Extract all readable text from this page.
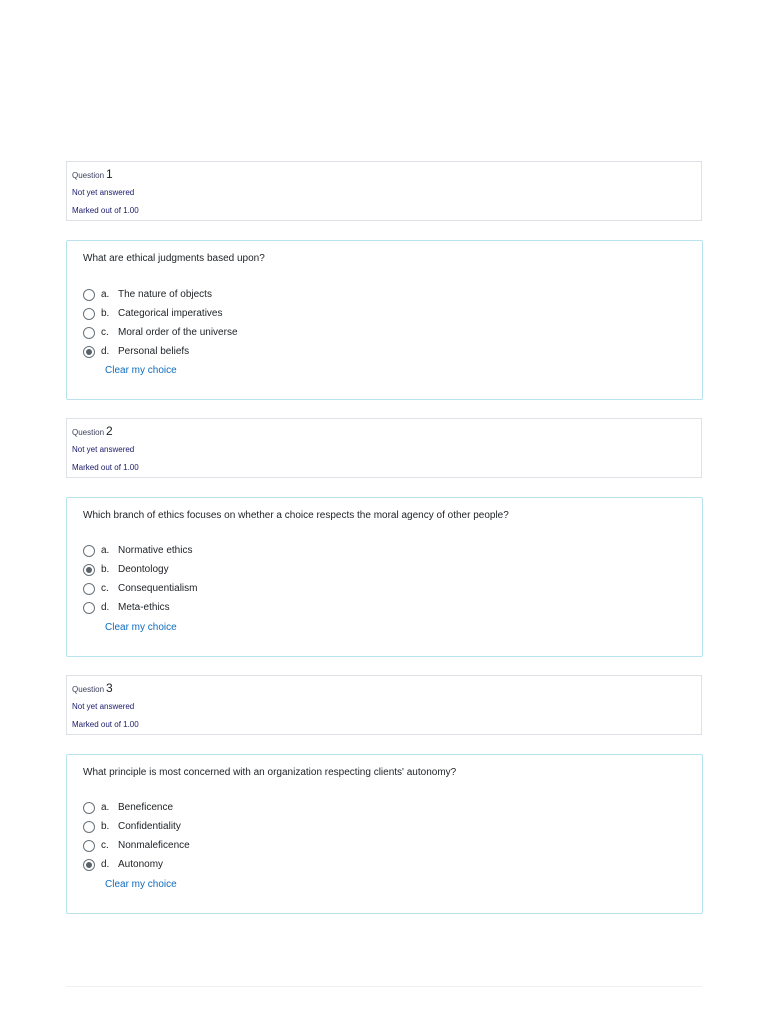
Question 1
Not yet answered
Marked out of 1.00
What are ethical judgments based upon?
a. The nature of objects
b. Categorical imperatives
c. Moral order of the universe
d. Personal beliefs
Clear my choice
Question 2
Not yet answered
Marked out of 1.00
Which branch of ethics focuses on whether a choice respects the moral agency of other people?
a. Normative ethics
b. Deontology
c. Consequentialism
d. Meta-ethics
Clear my choice
Question 3
Not yet answered
Marked out of 1.00
What principle is most concerned with an organization respecting clients' autonomy?
a. Beneficence
b. Confidentiality
c. Nonmaleficence
d. Autonomy
Clear my choice
